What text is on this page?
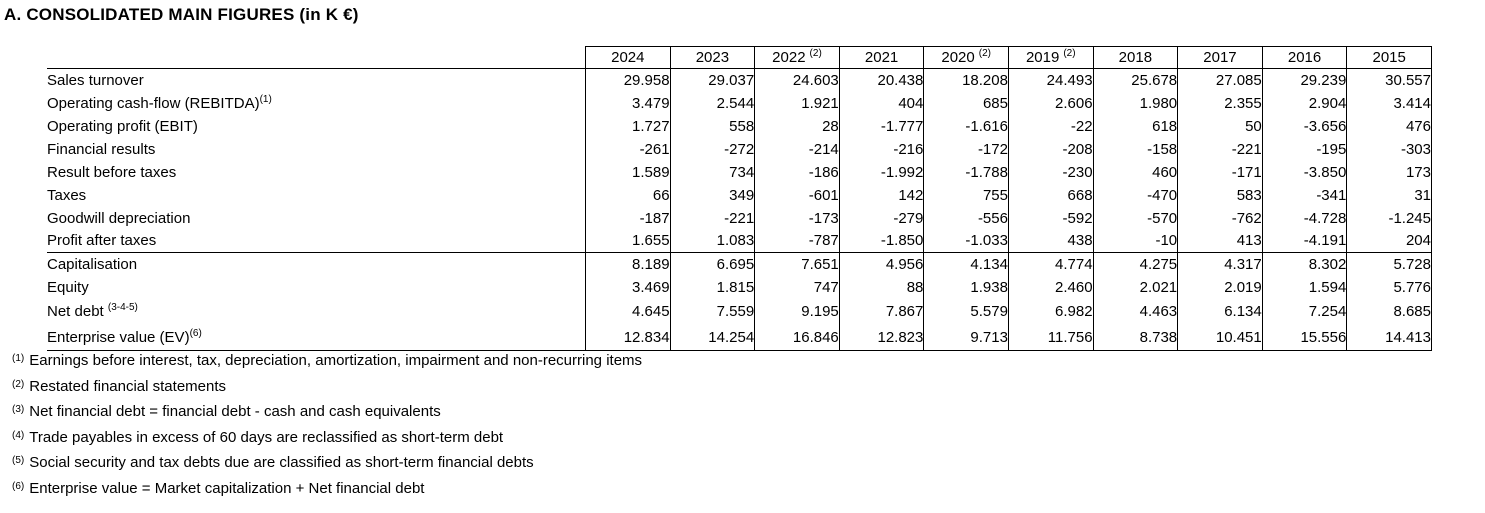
A. CONSOLIDATED MAIN FIGURES (in K €)
	2024	2023	2022 $^{(2)}$	2021	2020 $^{(2)}$	2019 $^{(2)}$	2018	2017	2016	2015
Sales turnover	29.958	29.037	24.603	20.438	18.208	24.493	25.678	27.085	29.239	30.557
Operating cash-flow (REBITDA)$^{(1)}$	3.479	2.544	1.921	404	685	2.606	1.980	2.355	2.904	3.414
Operating profit (EBIT)	1.727	558	28	-1.777	-1.616	-22	618	50	-3.656	476
Financial results	-261	-272	-214	-216	-172	-208	-158	-221	-195	-303
Result before taxes	1.589	734	-186	-1.992	-1.788	-230	460	-171	-3.850	173
Taxes	66	349	-601	142	755	668	-470	583	-341	31
Goodwill depreciation	-187	-221	-173	-279	-556	-592	-570	-762	-4.728	-1.245
Profit after taxes	1.655	1.083	-787	-1.850	-1.033	438	-10	413	-4.191	204
Capitalisation	8.189	6.695	7.651	4.956	4.134	4.774	4.275	4.317	8.302	5.728
Equity	3.469	1.815	747	88	1.938	2.460	2.021	2.019	1.594	5.776
Net debt $^{(3-4-5)}$	4.645	7.559	9.195	7.867	5.579	6.982	4.463	6.134	7.254	8.685
Enterprise value (EV)$^{(6)}$	12.834	14.254	16.846	12.823	9.713	11.756	8.738	10.451	15.556	14.413
$^{(1)}$ Earnings before interest, tax, depreciation, amortization, impairment and non-recurring items
$^{(2)}$ Restated financial statements
$^{(3)}$ Net financial debt = financial debt - cash and cash equivalents
$^{(4)}$ Trade payables in excess of 60 days are reclassified as short-term debt
$^{(5)}$ Social security and tax debts due are classified as short-term financial debts
$^{(6)}$ Enterprise value = Market capitalization + Net financial debt
